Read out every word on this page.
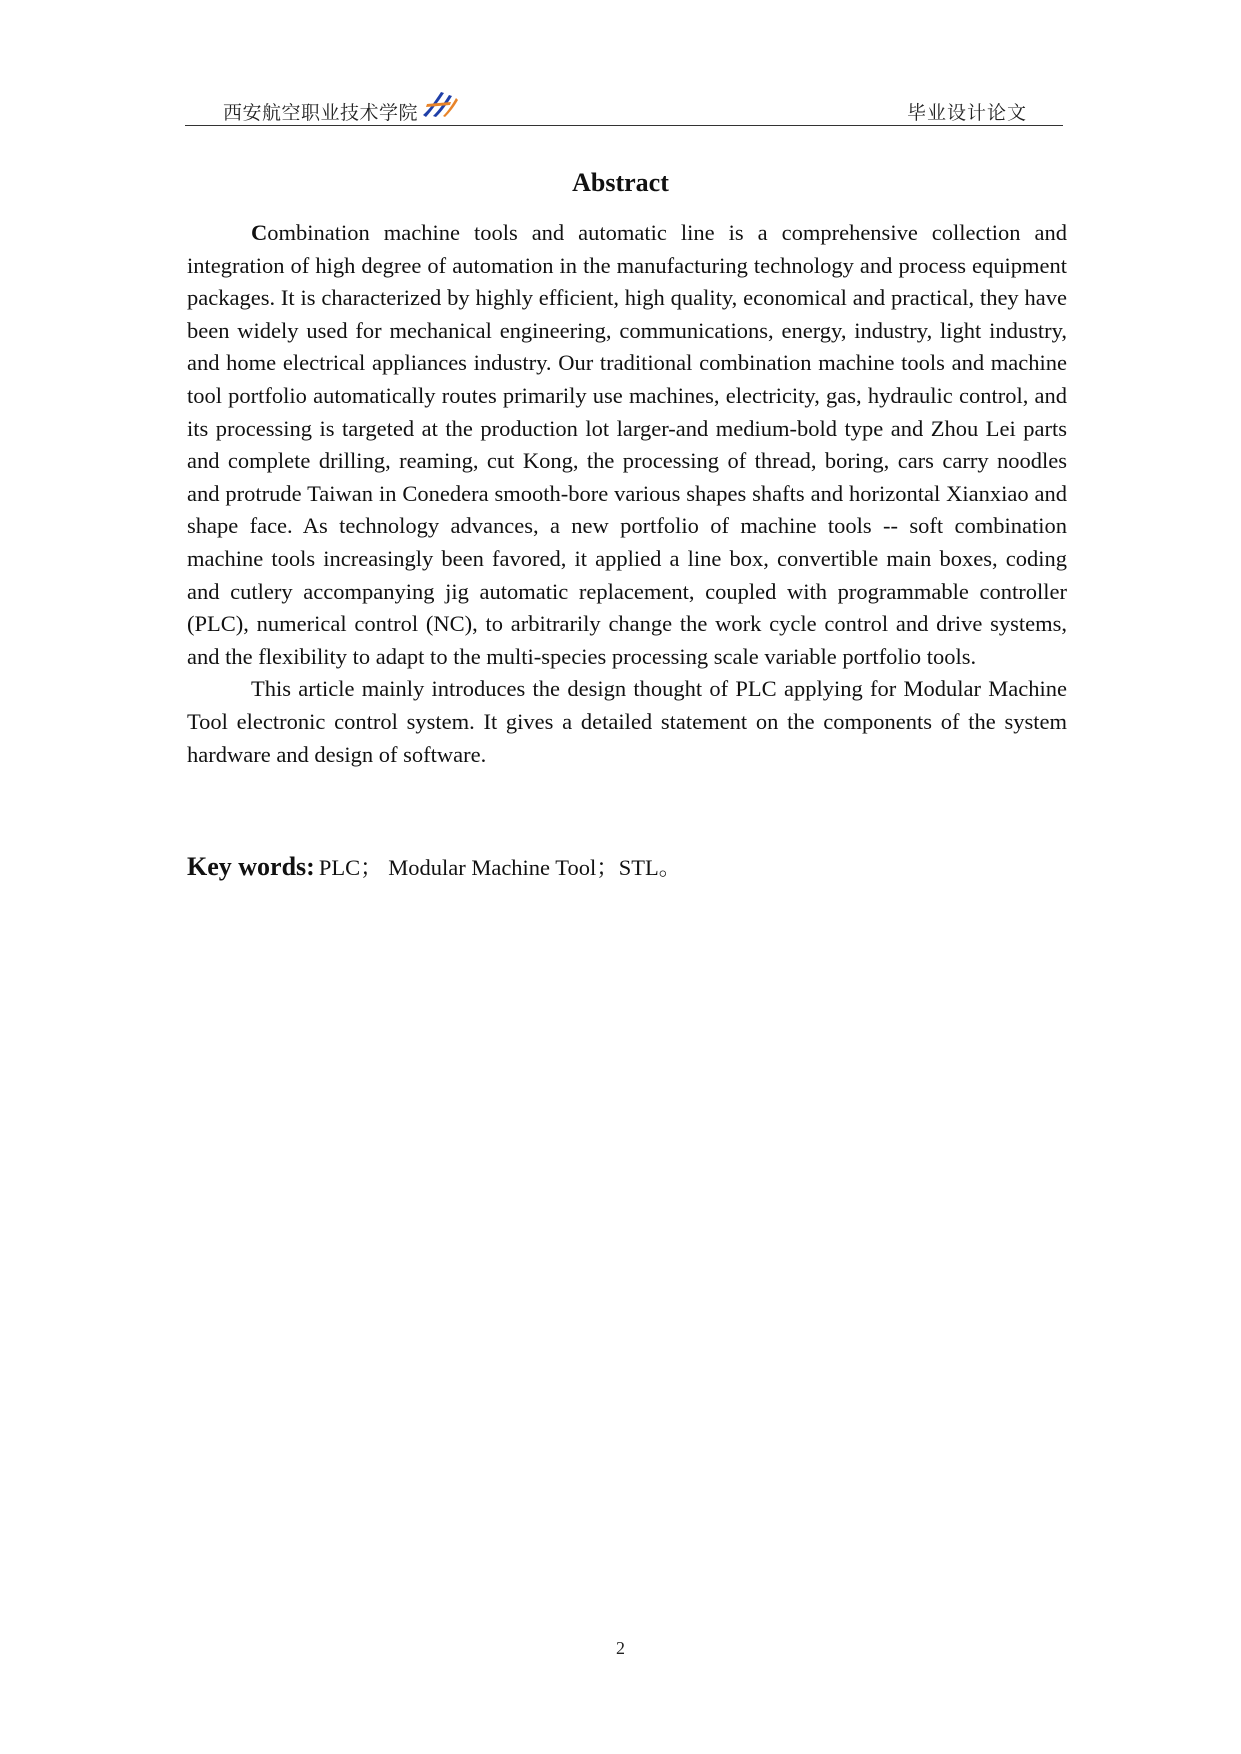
西安航空职业技术学院	毕业设计论文
Abstract

Combination machine tools and automatic line is a comprehensive collection and integration of high degree of automation in the manufacturing technology and process equipment packages. It is characterized by highly efficient, high quality, economical and practical, they have been widely used for mechanical engineering, communications, energy, industry, light industry, and home electrical appliances industry. Our traditional combination machine tools and machine tool portfolio automatically routes primarily use machines, electricity, gas, hydraulic control, and its processing is targeted at the production lot larger-and medium-bold type and Zhou Lei parts and complete drilling, reaming, cut Kong, the processing of thread, boring, cars carry noodles and protrude Taiwan in Conedera smooth-bore various shapes shafts and horizontal Xianxiao and shape face. As technology advances, a new portfolio of machine tools -- soft combination machine tools increasingly been favored, it applied a line box, convertible main boxes, coding and cutlery accompanying jig automatic replacement, coupled with programmable controller (PLC), numerical control (NC), to arbitrarily change the work cycle control and drive systems, and the flexibility to adapt to the multi-species processing scale variable portfolio tools.

This article mainly introduces the design thought of PLC applying for Modular Machine Tool electronic control system. It gives a detailed statement on the components of the system hardware and design of software.

Key words: PLC； Modular Machine Tool；STL。
2
